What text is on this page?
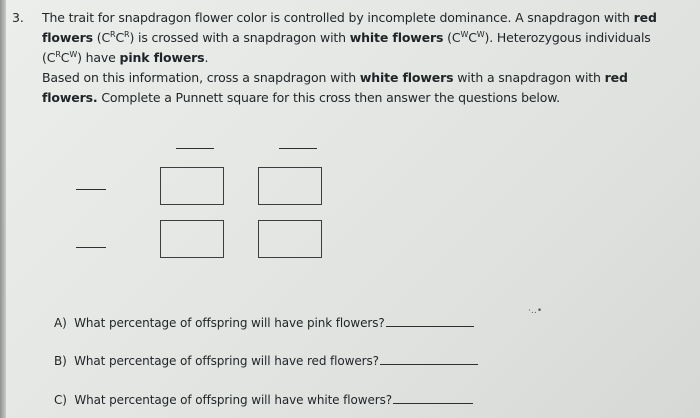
3. The trait for snapdragon flower color is controlled by incomplete dominance. A snapdragon with red
flowers $(C^RC^R)$ is crossed with a snapdragon with white flowers $(C^WC^W)$. Heterozygous individuals
$(C^RC^W)$ have pink flowers.

Based on this information, cross a snapdragon with white flowers with a snapdragon with red
flowers. Complete a Punnett square for this cross then answer the questions below.

·‥•
A) What percentage of offspring will have pink flowers?
B) What percentage of offspring will have red flowers?
C) What percentage of offspring will have white flowers?
